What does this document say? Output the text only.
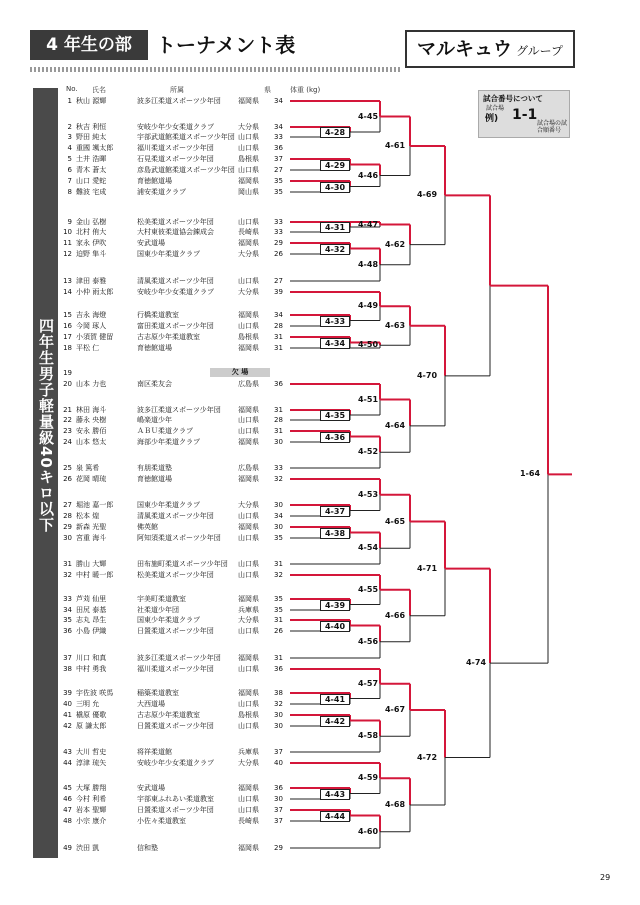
4 年生の部	トーナメント表	マルキュウ グループ
No. 氏名	所属	県	体重 (kg)
四年生男子軽量級40キロ以下
1 秋山 源輝	波多江柔道スポーツ少年団 福岡県 34
2 秋吉 利恒	安岐少年少女柔道クラブ	大分県 34
3 野田 純太	宇部武道館柔道スポーツ少年団 山口県 33
4 重國 颯太郎	福川柔道スポーツ少年団	山口県 36
5 土井 浩暉	石見柔道スポーツ少年団	島根県 37
6 青木 蒼太	彦島武道館柔道スポーツ少年団 山口県 27
7 山口 愛蛇	育徳館道場	福岡県 35
8 難波 宅成	浦安柔道クラブ	岡山県 35
9 金山 弘樹	松美柔道スポーツ少年団	山口県 33
10 北村 侑大	大村東彼柔道協会錬成会	長崎県 33
11 家永 伊吹	安武道場	福岡県 29
12 迫野 隼斗	国東少年柔道クラブ	大分県 26
13 津田 泰雅	清風柔道スポーツ少年団	山口県 27
14 小仲 雨太郎	安岐少年少女柔道クラブ	大分県 39
15 吉永 海燈	行橋柔道教室	福岡県 34
16 今岡 琢人	富田柔道スポーツ少年団	山口県 28
17 小須賀 健留	古志原少年柔道教室	島根県 31
18 平松 仁	育徳館道場	福岡県 31
19	欠 場
20 山本 力也	南区柔友会	広島県 36
21 林田 海斗	波多江柔道スポーツ少年団 福岡県 31
22 藤永 央樹	嶋楽道少年	山口県 28
23 安永 勝佰	ＡＢＵ柔道クラブ	山口県 31
24 山本 悠太	海部少年柔道クラブ	福岡県 30
25 泉 篤希	有朋柔道塾	広島県 33
26 花岡 晴琉	育徳館道場	福岡県 32
27 堀池 嘉一郎	国東少年柔道クラブ	大分県 30
28 松本 煌	清風柔道スポーツ少年団	山口県 34
29 新森 光聖	佛英館	福岡県 30
30 宮重 海斗	阿知須柔道スポーツ少年団 山口県 35
31 勝山 大輝	田布施町柔道スポーツ少年団 山口県 31
32 中村 暖一郎	松美柔道スポーツ少年団	山口県 32
33 芦苅 仙里	宇美町柔道教室	福岡県 35
34 田尻 泰基	社柔道少年団	兵庫県 35
35 志丸 昂生	国東少年柔道クラブ	大分県 31
36 小島 伊織	日置柔道スポーツ少年団	山口県 26
37 川口 和真	波多江柔道スポーツ少年団 福岡県 31
38 中村 勇我	福川柔道スポーツ少年団	山口県 36
39 宇佐波 咲馬	稲築柔道教室	福岡県 38
40 三明 允	大西道場	山口県 32
41 槇原 優歌	古志原少年柔道教室	島根県 30
42 原 謙太郎	日置柔道スポーツ少年団	山口県 30
43 大川 哲史	将祥柔道館	兵庫県 37
44 淳津 琉矢	安岐少年少女柔道クラブ	大分県 40
45 大塚 勝翔	安武道場	福岡県 36
46 今村 利希	宇部東ふれあい柔道教室	山口県 30
47 岩本 聖輝	日置柔道スポーツ少年団	山口県 37
48 小宗 康介	小佐々柔道教室	長崎県 37
49 渋田 凱	信和塾	福岡県 29
4-28
4-29
4-30
4-31
4-32
4-33
4-34
4-35
4-36
4-37
4-38
4-39
4-40
4-41
4-42
4-43
4-44
4-45
4-46
4-47
4-48
4-49
4-50
4-51
4-52
4-53
4-54
4-55
4-56
4-57
4-58
4-59
4-60
4-61
4-62
4-63
4-64
4-65
4-66
4-67
4-68
4-69
4-70
4-71
4-72
4-74
1-64
試合番号について
試合場
例) 1-1
試合場の試合順番号
29
